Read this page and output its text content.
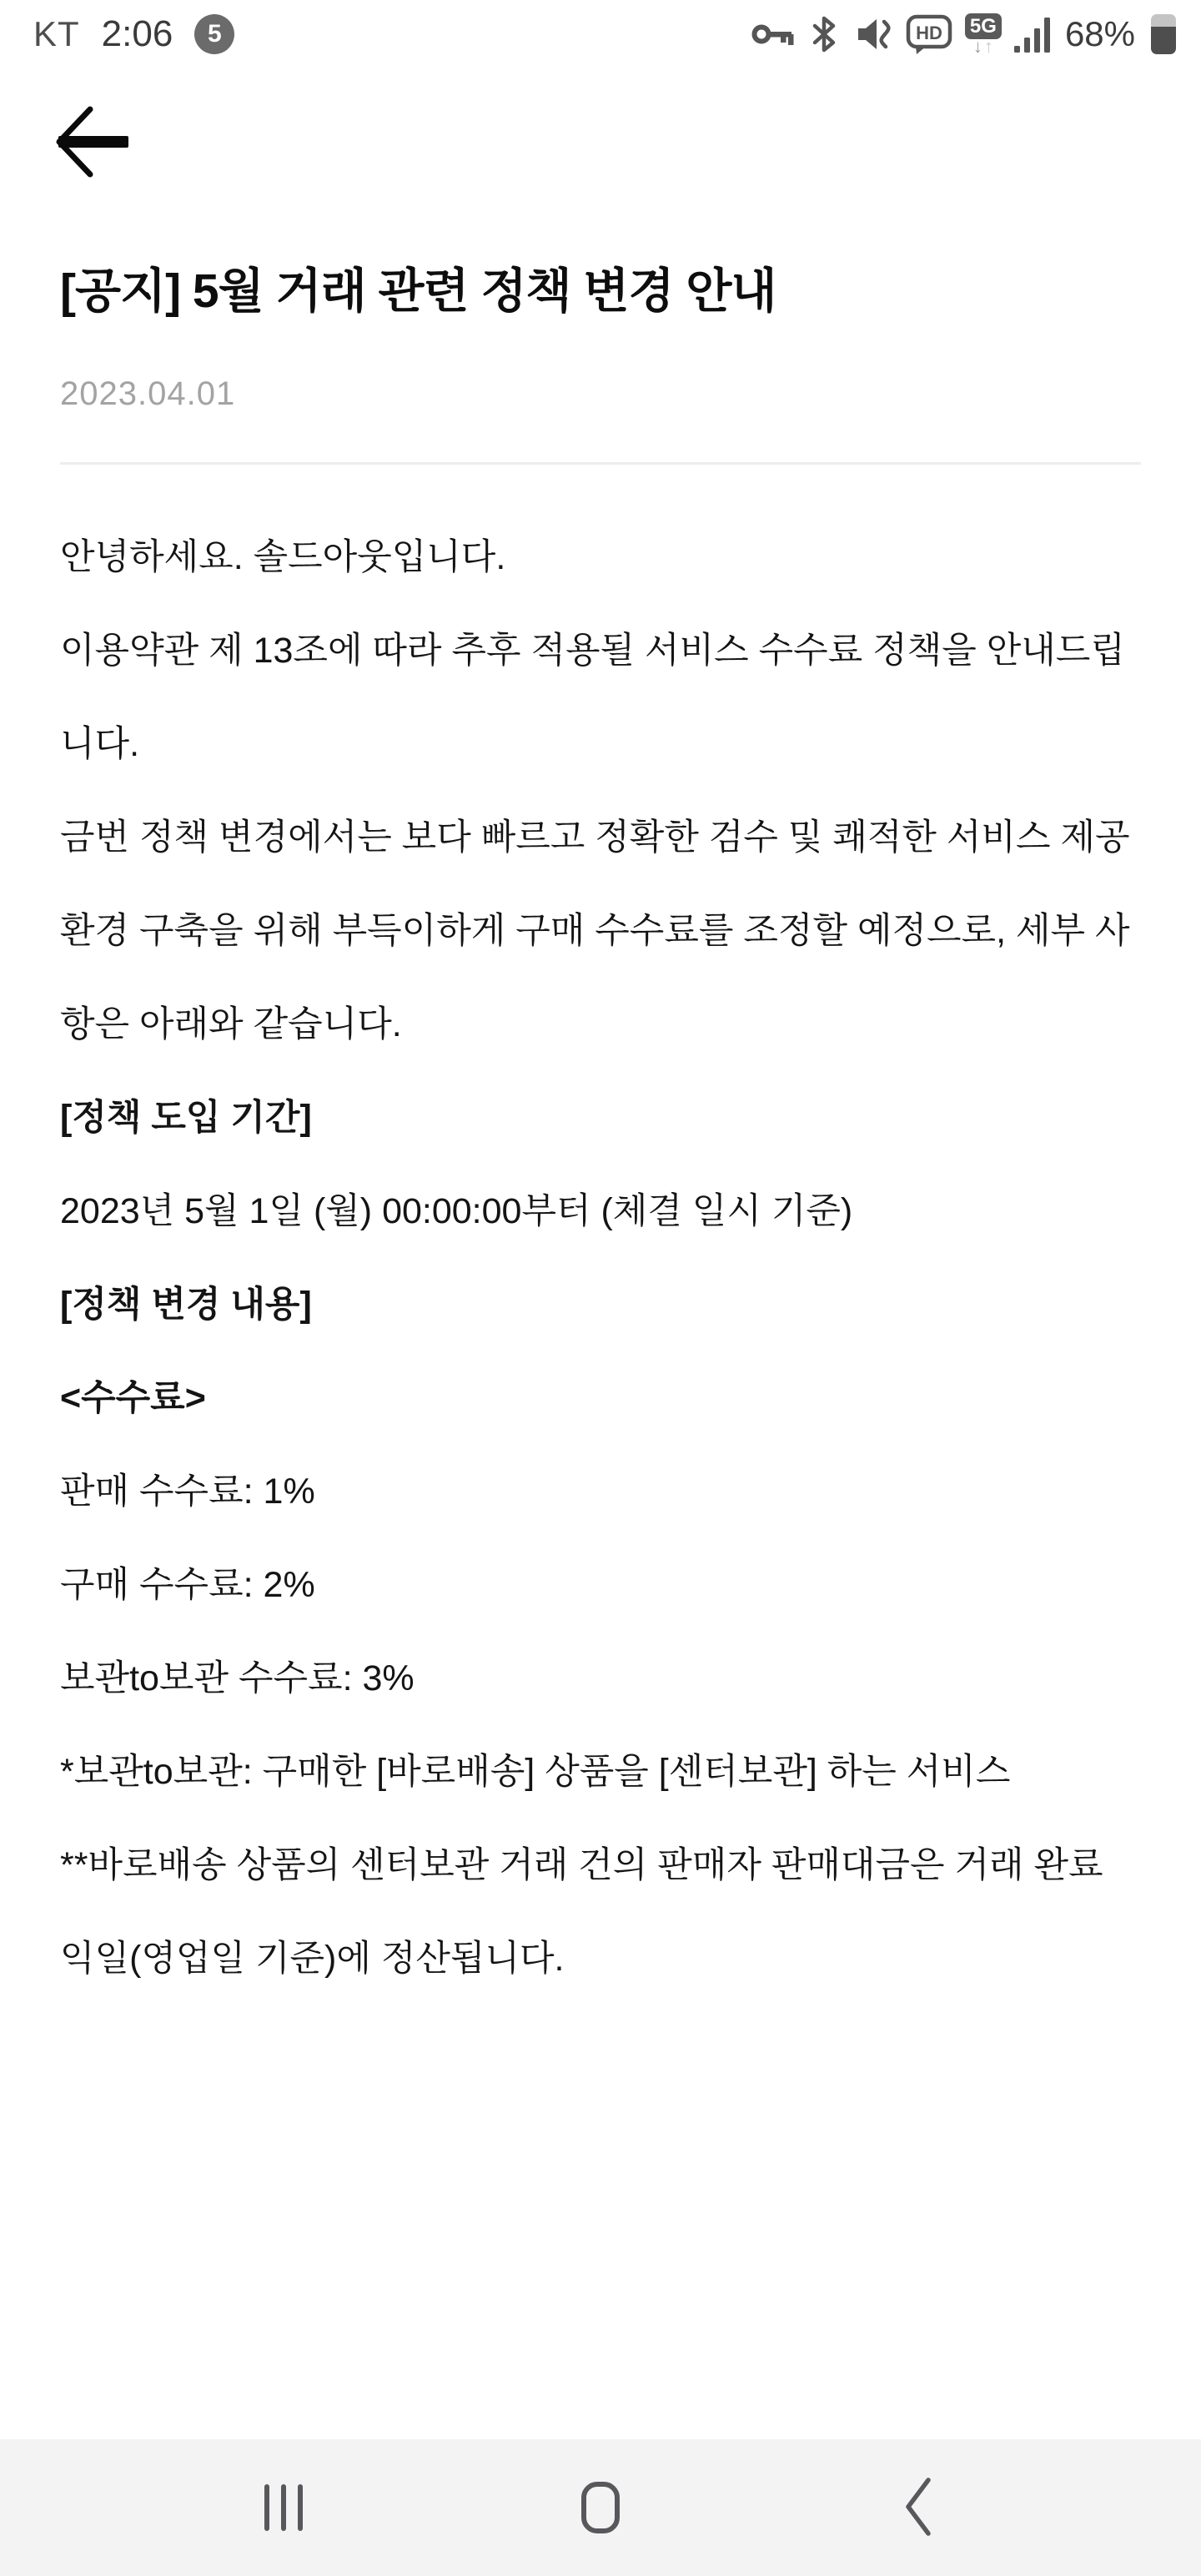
KT 2:06	5	HD 5G
↓ ↑ 68%
[공지] 5월 거래 관련 정책 변경 안내
2023.04.01

안녕하세요. 솔드아웃입니다.

이용약관 제 13조에 따라 추후 적용될 서비스 수수료 정책을 안내드립니다.

금번 정책 변경에서는 보다 빠르고 정확한 검수 및 쾌적한 서비스 제공 환경 구축을 위해 부득이하게 구매 수수료를 조정할 예정으로, 세부 사항은 아래와 같습니다.

[정책 도입 기간]

2023년 5월 1일 (월) 00:00:00부터 (체결 일시 기준)

[정책 변경 내용]

<수수료>

판매 수수료: 1%

구매 수수료: 2%

보관to보관 수수료: 3%

*보관to보관: 구매한 [바로배송] 상품을 [센터보관] 하는 서비스

**바로배송 상품의 센터보관 거래 건의 판매자 판매대금은 거래 완료 익일(영업일 기준)에 정산됩니다.
